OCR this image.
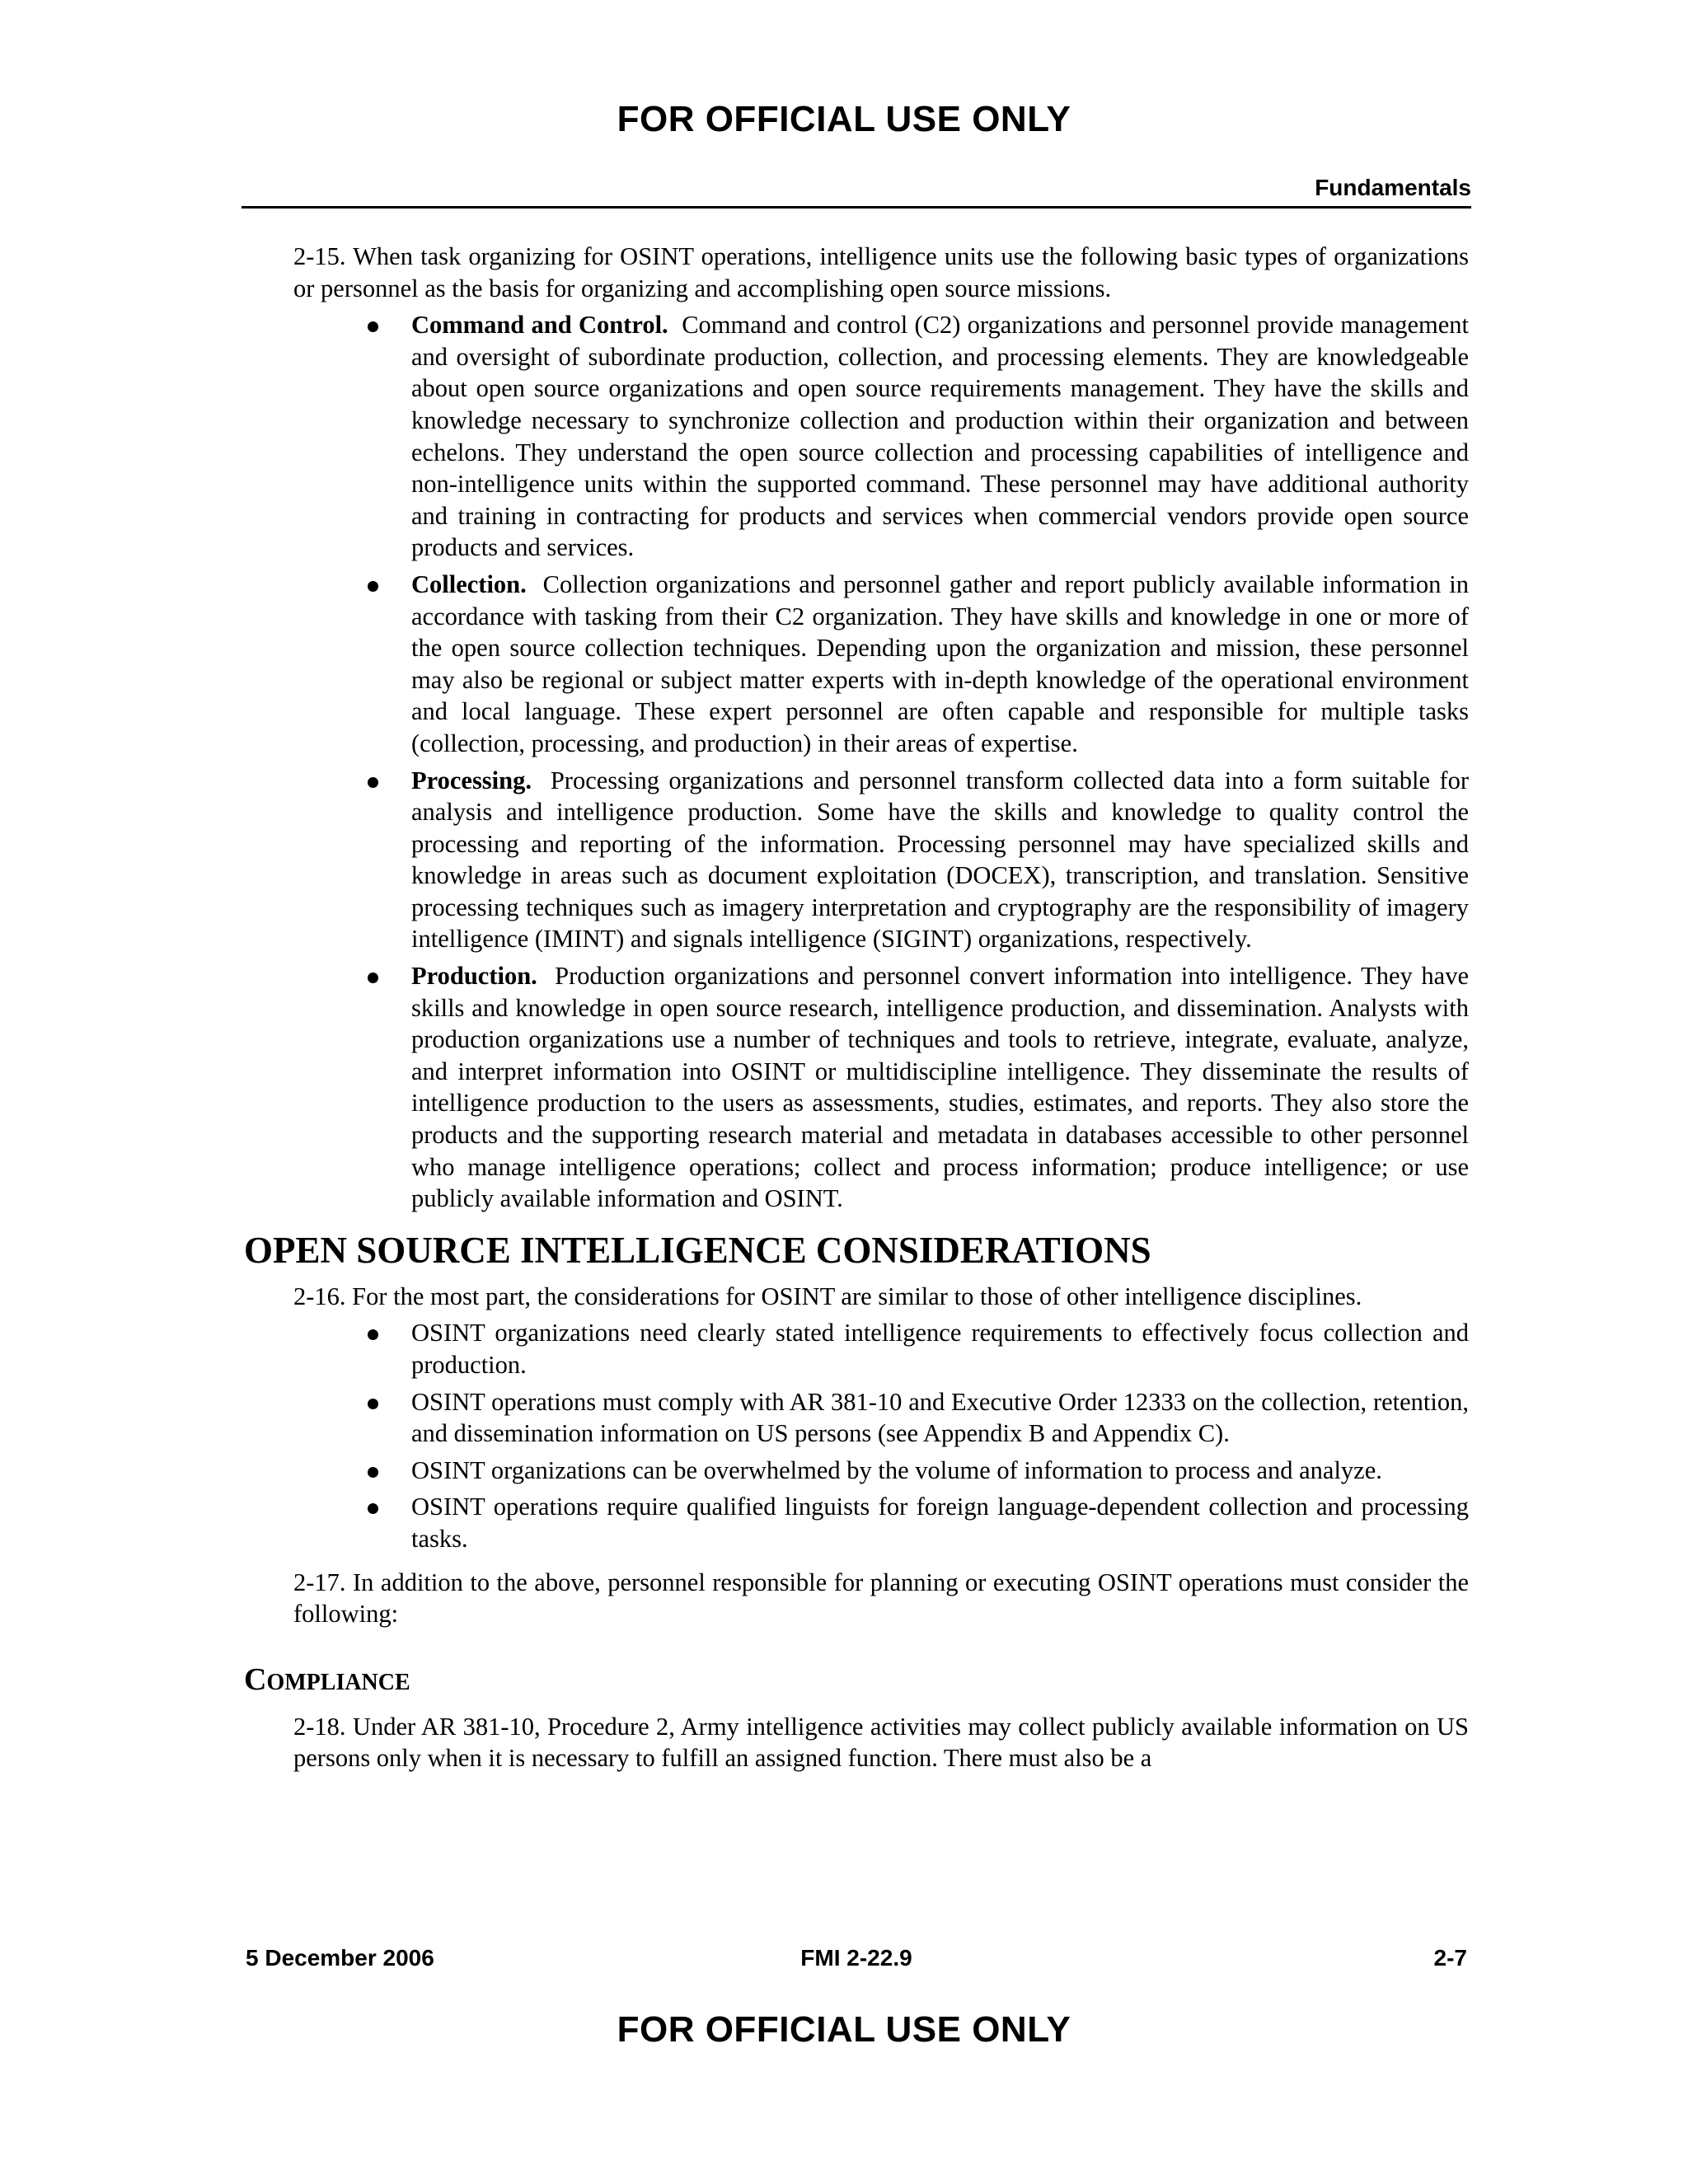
FOR OFFICIAL USE ONLY
Fundamentals

2-15. When task organizing for OSINT operations, intelligence units use the following basic types of organizations or personnel as the basis for organizing and accomplishing open source missions.

Command and Control. Command and control (C2) organizations and personnel provide management and oversight of subordinate production, collection, and processing elements. They are knowledgeable about open source organizations and open source requirements management. They have the skills and knowledge necessary to synchronize collection and production within their organization and between echelons. They understand the open source collection and processing capabilities of intelligence and non-intelligence units within the supported command. These personnel may have additional authority and training in contracting for products and services when commercial vendors provide open source products and services.
Collection. Collection organizations and personnel gather and report publicly available information in accordance with tasking from their C2 organization. They have skills and knowledge in one or more of the open source collection techniques. Depending upon the organization and mission, these personnel may also be regional or subject matter experts with in-depth knowledge of the operational environment and local language. These expert personnel are often capable and responsible for multiple tasks (collection, processing, and production) in their areas of expertise.
Processing. Processing organizations and personnel transform collected data into a form suitable for analysis and intelligence production. Some have the skills and knowledge to quality control the processing and reporting of the information. Processing personnel may have specialized skills and knowledge in areas such as document exploitation (DOCEX), transcription, and translation. Sensitive processing techniques such as imagery interpretation and cryptography are the responsibility of imagery intelligence (IMINT) and signals intelligence (SIGINT) organizations, respectively.
Production. Production organizations and personnel convert information into intelligence. They have skills and knowledge in open source research, intelligence production, and dissemination. Analysts with production organizations use a number of techniques and tools to retrieve, integrate, evaluate, analyze, and interpret information into OSINT or multidiscipline intelligence. They disseminate the results of intelligence production to the users as assessments, studies, estimates, and reports. They also store the products and the supporting research material and metadata in databases accessible to other personnel who manage intelligence operations; collect and process information; produce intelligence; or use publicly available information and OSINT.
OPEN SOURCE INTELLIGENCE CONSIDERATIONS

2-16. For the most part, the considerations for OSINT are similar to those of other intelligence disciplines.

OSINT organizations need clearly stated intelligence requirements to effectively focus collection and production.
OSINT operations must comply with AR 381-10 and Executive Order 12333 on the collection, retention, and dissemination information on US persons (see Appendix B and Appendix C).
OSINT organizations can be overwhelmed by the volume of information to process and analyze.
OSINT operations require qualified linguists for foreign language-dependent collection and processing tasks.

2-17. In addition to the above, personnel responsible for planning or executing OSINT operations must consider the following:

COMPLIANCE

2-18. Under AR 381-10, Procedure 2, Army intelligence activities may collect publicly available information on US persons only when it is necessary to fulfill an assigned function. There must also be a

5 December 2006	FMI 2-22.9	2-7
FOR OFFICIAL USE ONLY
